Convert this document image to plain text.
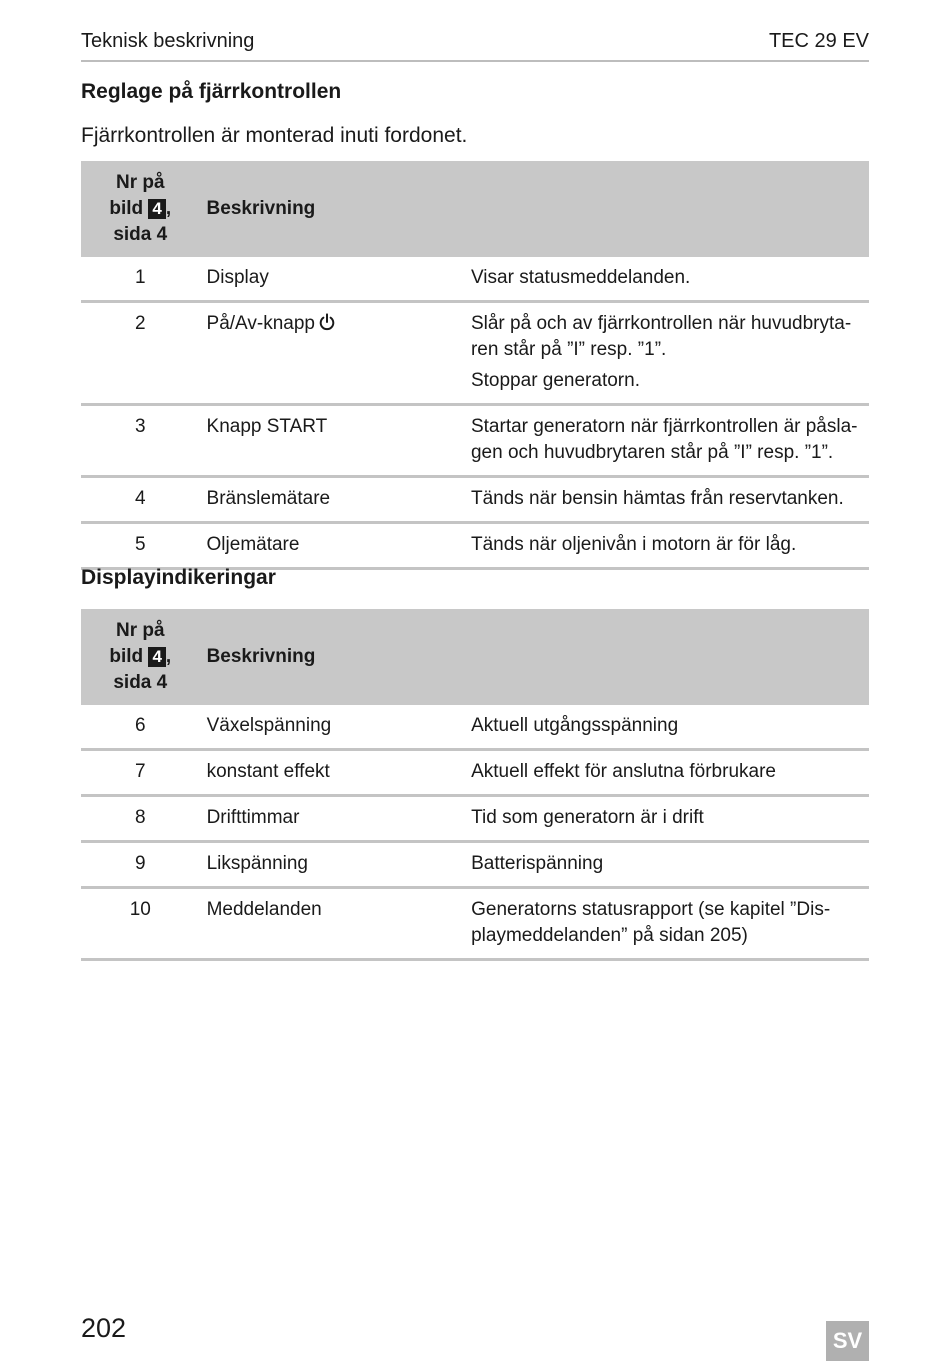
Teknisk beskrivning	TEC 29 EV
Reglage på fjärrkontrollen

Fjärrkontrollen är monterad inuti fordonet.

Nr på
bild 4 ,
sida 4	Beskrivning	
1	Display	Visar statusmeddelanden.

2	På/Av-knapp	Slår på och av fjärrkontrollen när huvudbryta-ren står på ”I” resp. ”1”.
Stoppar generatorn.

3	Knapp START	Startar generatorn när fjärrkontrollen är påsla-gen och huvudbrytaren står på ”I” resp. ”1”.

4	Bränslemätare	Tänds när bensin hämtas från reservtanken.

5	Oljemätare	Tänds när oljenivån i motorn är för låg.
Displayindikeringar
Nr på
bild 4 ,
sida 4	Beskrivning	
6	Växelspänning	Aktuell utgångsspänning

7	konstant effekt	Aktuell effekt för anslutna förbrukare

8	Drifttimmar	Tid som generatorn är i drift

9	Likspänning	Batterispänning

10	Meddelanden	Generatorns statusrapport (se kapitel ”Dis-playmeddelanden” på sidan 205)
202	SV
